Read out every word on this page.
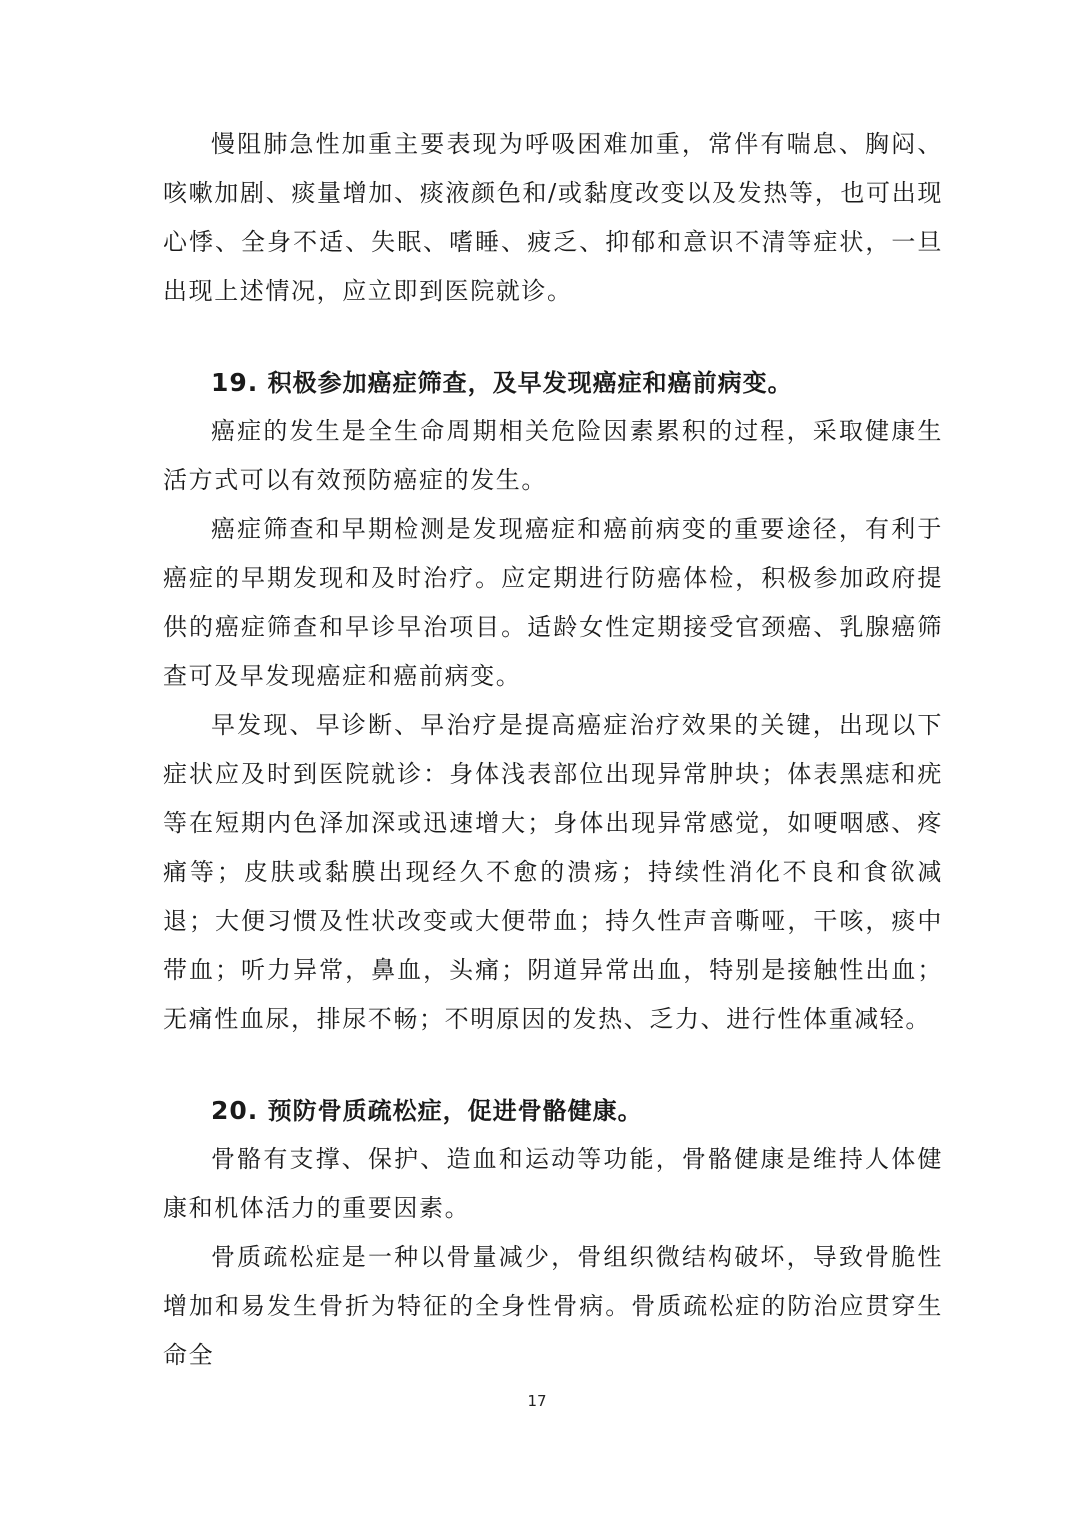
慢阻肺急性加重主要表现为呼吸困难加重，常伴有喘息、胸闷、咳嗽加剧、痰量增加、痰液颜色和/或黏度改变以及发热等，也可出现心悸、全身不适、失眠、嗜睡、疲乏、抑郁和意识不清等症状，一旦出现上述情况，应立即到医院就诊。

19. 积极参加癌症筛查，及早发现癌症和癌前病变。

癌症的发生是全生命周期相关危险因素累积的过程，采取健康生活方式可以有效预防癌症的发生。

癌症筛查和早期检测是发现癌症和癌前病变的重要途径，有利于癌症的早期发现和及时治疗。应定期进行防癌体检，积极参加政府提供的癌症筛查和早诊早治项目。适龄女性定期接受官颈癌、乳腺癌筛查可及早发现癌症和癌前病变。

早发现、早诊断、早治疗是提高癌症治疗效果的关键，出现以下症状应及时到医院就诊：身体浅表部位出现异常肿块；体表黑痣和疣等在短期内色泽加深或迅速增大；身体出现异常感觉，如哽咽感、疼痛等；皮肤或黏膜出现经久不愈的溃疡；持续性消化不良和食欲减退；大便习惯及性状改变或大便带血；持久性声音嘶哑，干咳，痰中带血；听力异常，鼻血，头痛；阴道异常出血，特别是接触性出血；无痛性血尿，排尿不畅；不明原因的发热、乏力、进行性体重减轻。

20. 预防骨质疏松症，促进骨骼健康。

骨骼有支撑、保护、造血和运动等功能，骨骼健康是维持人体健康和机体活力的重要因素。

骨质疏松症是一种以骨量减少，骨组织微结构破坏，导致骨脆性增加和易发生骨折为特征的全身性骨病。骨质疏松症的防治应贯穿生命全

17
